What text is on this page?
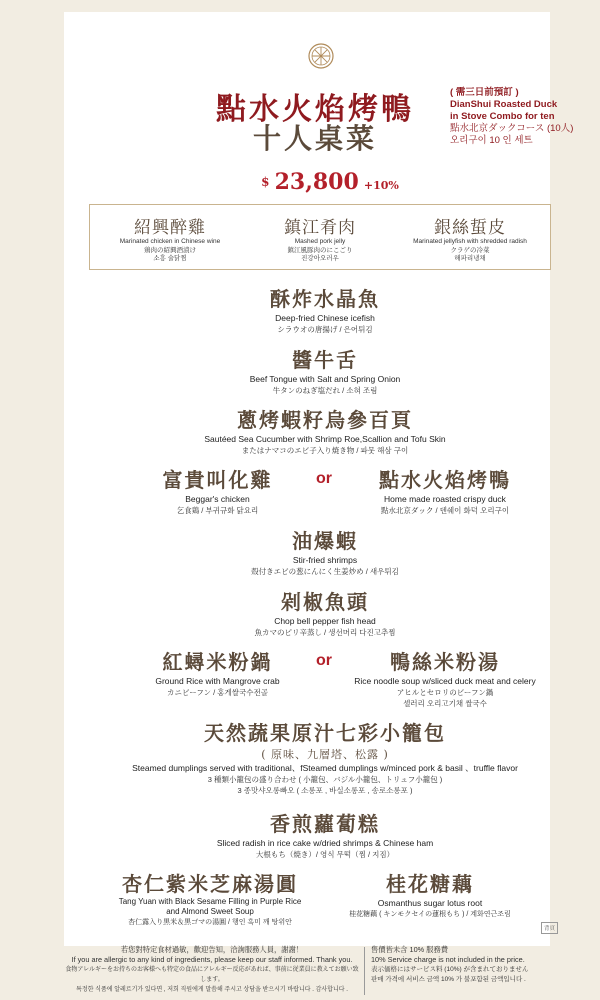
點水火焰烤鴨
十人桌菜
( 需三日前預訂 )
DianShui Roasted Duck
in Stove Combo for ten
點水北京ダックコース (10人)
오리구이 10 인 세트
$ 23,800 +10%
紹興醉雞
Marinated chicken in Chinese wine
鶏肉の紹興酒漬け
소흥 술닭찜
鎮江肴肉
Mashed pork jelly
鎮江風豚肉のにこごり
진강아오러우
銀絲蜇皮
Marinated jellyfish with shredded radish
クラゲの冷菜
해파리냉채
酥炸水晶魚
Deep-fried Chinese icefish
シラウオの唐揚げ / 은어튀김
醬牛舌
Beef Tongue with Salt and Spring Onion
牛タンのねぎ塩だれ / 소혀 조림
蔥烤蝦籽烏參百頁
Sautéed Sea Cucumber with Shrimp Roe,Scallion and Tofu Skin
またはナマコのエビ子入り焼き物 / 파뭇 해삼 구이
富貴叫化雞
Beggar's chicken
乞食鶏 / 부귀규화 닭요리
or	點水火焰烤鴨
Home made roasted crispy duck
點水北京ダック / 덴쉐이 화덕 오리구이
油爆蝦
Stir-fried shrimps
殻付きエビの葱にんにく生姜炒め / 새우튀김
剁椒魚頭
Chop bell pepper fish head
魚カマのピリ辛蒸し / 생선머리 다진고추찜
紅蟳米粉鍋
Ground Rice with Mangrove crab
カニビーフン / 홍게쌀국수전골
or	鴨絲米粉湯
Rice noodle soup w/sliced duck meat and celery
アヒルとセロリのビーフン鍋
셀러리 오리고기채 쌀국수
天然蔬果原汁七彩小籠包
( 原味、九層塔、松露 )
Steamed dumplings served with traditional、fSteamed dumplings w/minced pork & basil 、truffle flavor
3 種類小籠包の盛り合わせ ( 小籠包、バジル小籠包、トリュフ小籠包 )
3 종맛샤오롱빠오 ( 소롱포 , 바실소롱포 , 송로소롱포 )
香煎蘿蔔糕
Sliced radish in rice cake w/dried shrimps & Chinese ham
大根もち（焼き）/ 영식 무떡（찜 / 지짐）
杏仁紫米芝麻湯圓
Tang Yuan with Black Sesame Filling in Purple Rice
and Almond Sweet Soup
杏仁露入り黒米＆黒ゴマの湯圓 / 행인 흑미 깨 탕위안
桂花糖藕
Osmanthus sugar lotus root
桂花糖藕 ( キンモクセイの蓮根もち ) / 계화연근조림
背頁
若您對特定食材過敏，歡迎告知，洽詢服務人員，謝謝！
If you are allergic to any kind of ingredients, please keep our staff informed. Thank you.
食物アレルギーをお持ちのお客様へも特定の食品にアレルギー反応があれば、事前に従業員に教えてお願い致します。
특정한 식품에 알레르기가 있다면 , 저희 직원에게 말씀해 주시고 상담을 받으시기 바랍니다 . 감사합니다 .
售價皆未含 10% 服務費
10% Service charge is not included in the price.
表示価格にはサービス料 (10%) が含まれておりません
판매 가격에 서비스 금액 10% 가 불포함된 금액입니다 .
